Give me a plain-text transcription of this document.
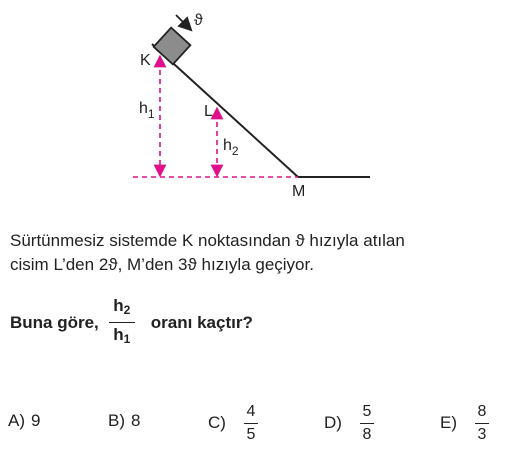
ϑ
K
L
M
$h_1$
$h_2$
Sürtünmesiz sistemde K noktasından ϑ hızıyla atılan
cisim L’den 2ϑ, M’den 3ϑ hızıyla geçiyor.
Buna göre, $\frac{h_2}{h_1}$ oranı kaçtır?
A) 9	B) 8	C)
4
5
D)
5
8
E)
8
3
